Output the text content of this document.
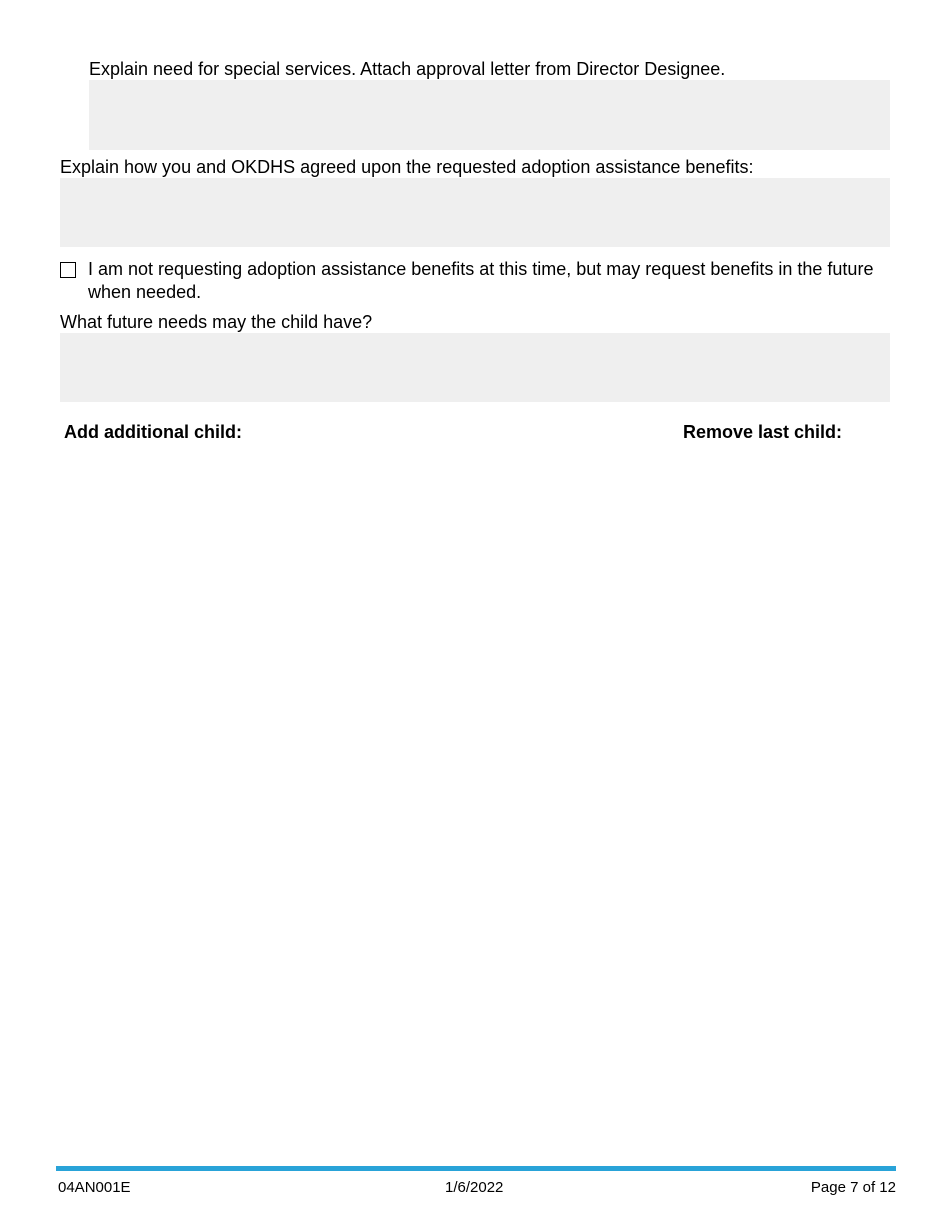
Explain need for special services. Attach approval letter from Director Designee.
Explain how you and OKDHS agreed upon the requested adoption assistance benefits:
I am not requesting adoption assistance benefits at this time, but may request benefits in the future when needed.
What future needs may the child have?
Add additional child:	Remove last child:
04AN001E	1/6/2022	Page 7 of 12
